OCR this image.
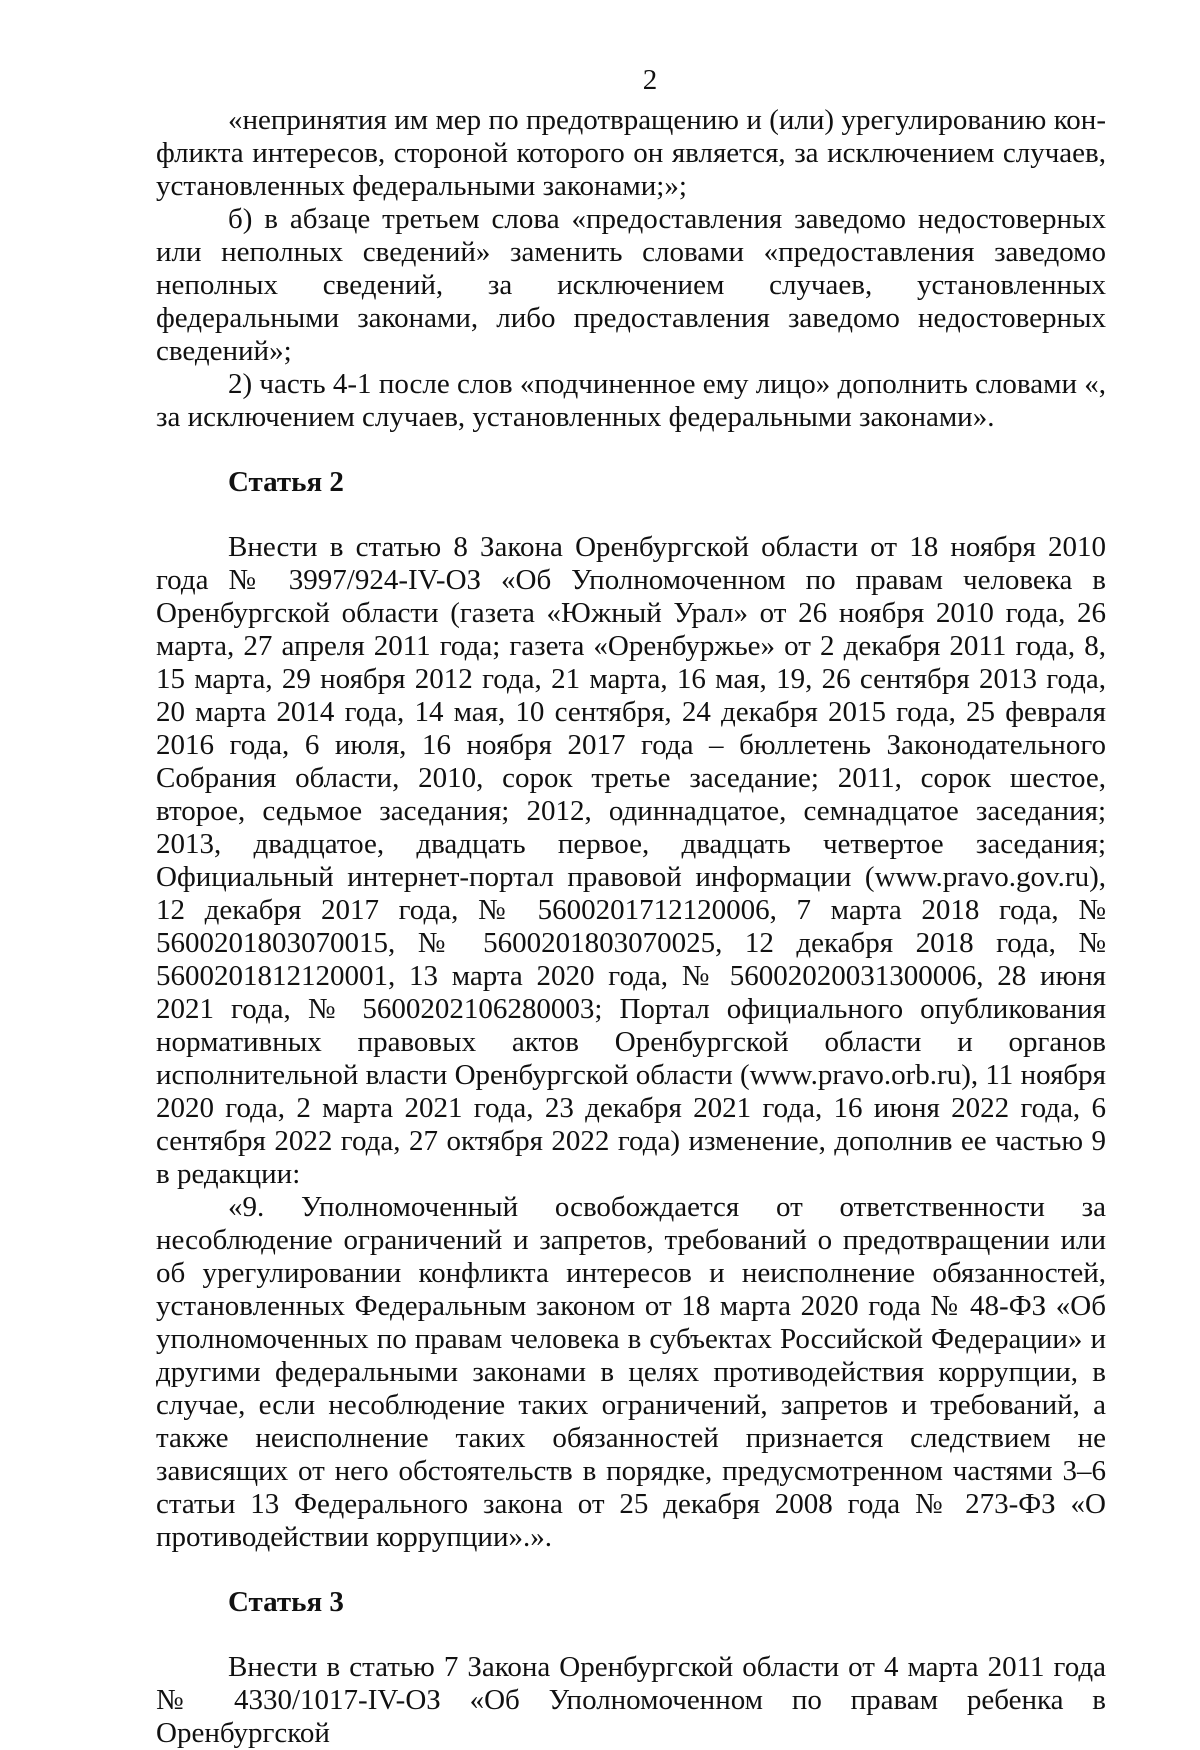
2

«непринятия им мер по предотвращению и (или) урегулированию конфликта интересов, стороной которого он является, за исключением случаев, установленных федеральными законами;»;

б) в абзаце третьем слова «предоставления заведомо недостоверных или неполных сведений» заменить словами «предоставления заведомо неполных сведений, за исключением случаев, установленных федеральными законами, либо предоставления заведомо недостоверных сведений»;

2) часть 4-1 после слов «подчиненное ему лицо» дополнить словами «, за исключением случаев, установленных федеральными законами».

Статья 2

Внести в статью 8 Закона Оренбургской области от 18 ноября 2010 года № 3997/924-IV-ОЗ «Об Уполномоченном по правам человека в Оренбургской области (газета «Южный Урал» от 26 ноября 2010 года, 26 марта, 27 апреля 2011 года; газета «Оренбуржье» от 2 декабря 2011 года, 8, 15 марта, 29 ноября 2012 года, 21 марта, 16 мая, 19, 26 сентября 2013 года, 20 марта 2014 года, 14 мая, 10 сентября, 24 декабря 2015 года, 25 февраля 2016 года, 6 июля, 16 ноября 2017 года – бюллетень Законодательного Собрания области, 2010, сорок третье заседание; 2011, сорок шестое, второе, седьмое заседания; 2012, одиннадцатое, семнадцатое заседания; 2013, двадцатое, двадцать первое, двадцать четвертое заседания; Официальный интернет-портал правовой информации (www.pravo.gov.ru), 12 декабря 2017 года, № 5600201712120006, 7 марта 2018 года, № 5600201803070015, № 5600201803070025, 12 декабря 2018 года, № 5600201812120001, 13 марта 2020 года, № 56002020031300006, 28 июня 2021 года, № 5600202106280003; Портал официального опубликования нормативных правовых актов Оренбургской области и органов исполнительной власти Оренбургской области (www.pravo.orb.ru), 11 ноября 2020 года, 2 марта 2021 года, 23 декабря 2021 года, 16 июня 2022 года, 6 сентября 2022 года, 27 октября 2022 года) изменение, дополнив ее частью 9 в редакции:

«9. Уполномоченный освобождается от ответственности за несоблюдение ограничений и запретов, требований о предотвращении или об урегулировании конфликта интересов и неисполнение обязанностей, установленных Федеральным законом от 18 марта 2020 года № 48-ФЗ «Об уполномоченных по правам человека в субъектах Российской Федерации» и другими федеральными законами в целях противодействия коррупции, в случае, если несоблюдение таких ограничений, запретов и требований, а также неисполнение таких обязанностей признается следствием не зависящих от него обстоятельств в порядке, предусмотренном частями 3–6 статьи 13 Федерального закона от 25 декабря 2008 года № 273-ФЗ «О противодействии коррупции».».

Статья 3

Внести в статью 7 Закона Оренбургской области от 4 марта 2011 года № 4330/1017-IV-ОЗ «Об Уполномоченном по правам ребенка в Оренбургской
